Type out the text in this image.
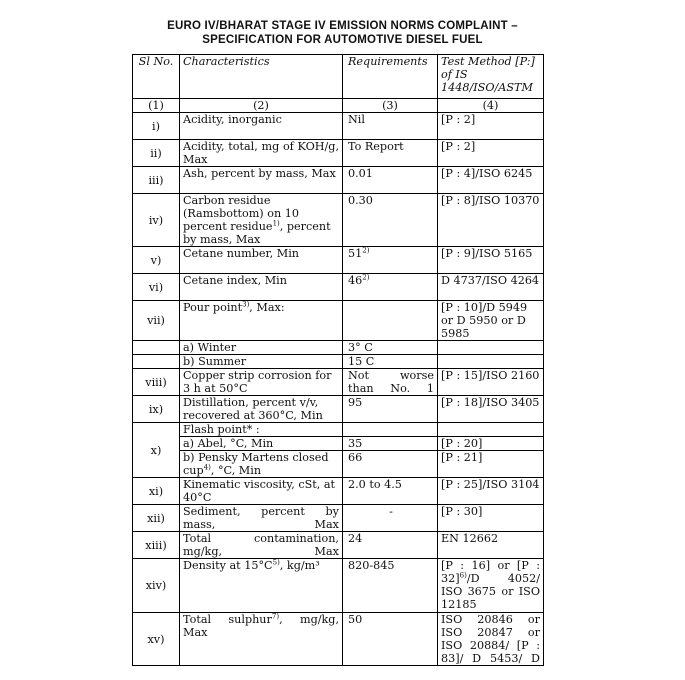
EURO IV/BHARAT STAGE IV EMISSION NORMS COMPLAINT –
SPECIFICATION FOR AUTOMOTIVE DIESEL FUEL
Sl No.	Characteristics	Requirements	Test Method [P:] of IS 1448/ISO/ASTM
(1)	(2)	(3)	(4)
i)	Acidity, inorganic	Nil	[P : 2]
ii)	Acidity, total, mg of KOH/g, Max	To Report	[P : 2]
iii)	Ash, percent by mass, Max	0.01	[P : 4]/ISO 6245
iv)	Carbon residue (Ramsbottom) on 10 percent residue$^{1)}$, percent by mass, Max	0.30	[P : 8]/ISO 10370
v)	Cetane number, Min	51$^{2)}$	[P : 9]/ISO 5165
vi)	Cetane index, Min	46$^{2)}$	D 4737/ISO 4264
vii)	Pour point$^{3)}$, Max:		[P : 10]/D 5949 or D 5950 or D 5985
	a) Winter	3° C	
	b) Summer	15 C	
viii)	Copper strip corrosion for 3 h at 50°C	Not worse than No. 1	[P : 15]/ISO 2160
ix)	Distillation, percent v/v, recovered at 360°C, Min	95	[P : 18]/ISO 3405
x)	Flash point* :		
	a) Abel, °C, Min	35	[P : 20]
	b) Pensky Martens closed cup$^{4)}$, °C, Min	66	[P : 21]
xi)	Kinematic viscosity, cSt, at 40°C	2.0 to 4.5	[P : 25]/ISO 3104
xii)	Sediment, percent by mass, Max	-	[P : 30]
xiii)	Total contamination, mg/kg, Max	24	EN 12662
xiv)	Density at $15^\circ C^{5)}$, kg/m³	820-845	[P : 16] or [P : 32]$^{6)}$/D 4052/ ISO 3675 or ISO 12185
xv)	Total sulphur$^{7)}$, mg/kg, Max	50	ISO 20846 or ISO 20847 or ISO 20884/ [P : 83]/ D 5453/ D
